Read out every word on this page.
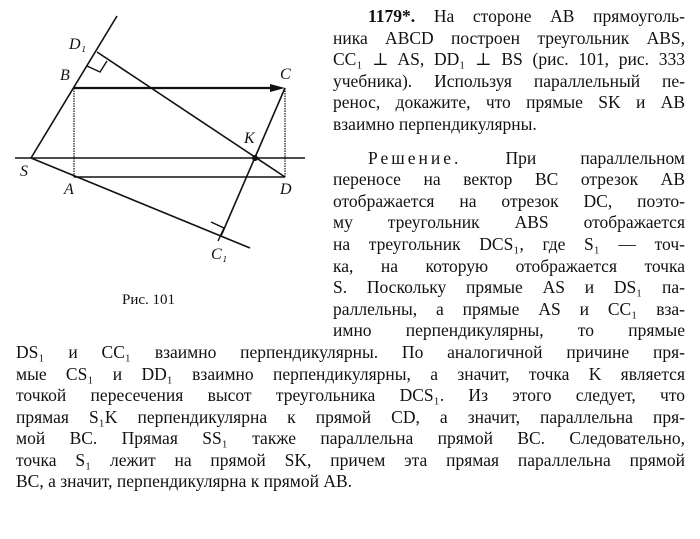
D₁
B	C
K
S
A	D
C₁
Рис. 101
1179*. На стороне AB прямоуголь-
ника ABCD построен треугольник ABS,
CC₁ ⊥ AS, DD₁ ⊥ BS (рис. 101, рис. 333
учебника). Используя параллельный пе-
ренос, докажите, что прямые SK и AB
взаимно перпендикулярны.
Решение.	При параллельном
переносе на вектор BC отрезок AB
отображается на отрезок DC, поэто-
му треугольник ABS отображается
на треугольник DCS₁, где S₁ — точ-
ка, на которую отображается точка
S. Поскольку прямые AS и DS₁ па-
раллельны, а прямые AS и CC₁ вза-
имно перпендикулярны, то прямые
DS₁ и CC₁ взаимно перпендикулярны. По аналогичной причине пря-
мые CS₁ и DD₁ взаимно перпендикулярны, а значит, точка K является
точкой пересечения высот треугольника DCS₁. Из этого следует, что
прямая S₁K перпендикулярна к прямой CD, а значит, параллельна пря-
мой BC. Прямая SS₁ также параллельна прямой BC. Следовательно,
точка S₁ лежит на прямой SK, причем эта прямая параллельна прямой
BC, а значит, перпендикулярна к прямой AB.
